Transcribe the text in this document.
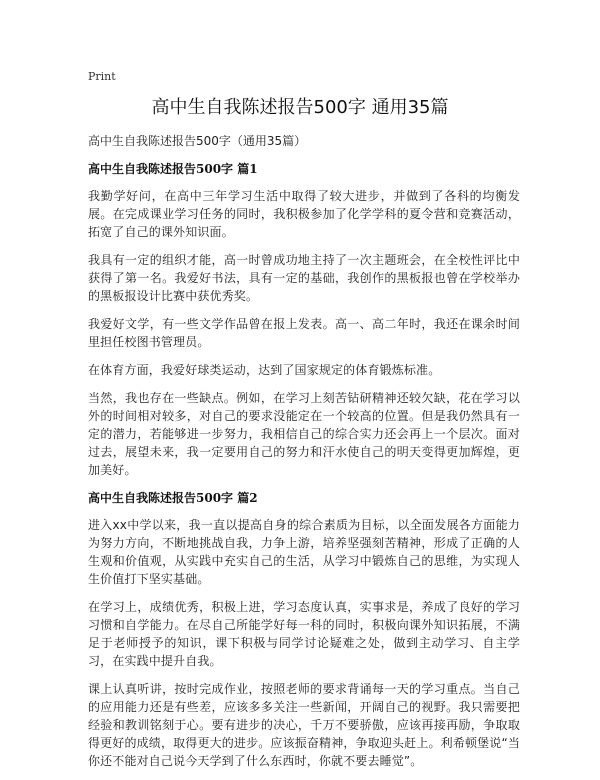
Print
高中生自我陈述报告500字 通用35篇

高中生自我陈述报告500字（通用35篇）

高中生自我陈述报告500字 篇1

我勤学好问，在高中三年学习生活中取得了较大进步，并做到了各科的均衡发展。在完成课业学习任务的同时，我积极参加了化学学科的夏令营和竞赛活动，拓宽了自己的课外知识面。

我具有一定的组织才能，高一时曾成功地主持了一次主题班会，在全校性评比中获得了第一名。我爱好书法，具有一定的基础，我创作的黑板报也曾在学校举办的黑板报设计比赛中获优秀奖。

我爱好文学，有一些文学作品曾在报上发表。高一、高二年时，我还在课余时间里担任校图书管理员。

在体育方面，我爱好球类运动，达到了国家规定的体育锻炼标准。

当然，我也存在一些缺点。例如，在学习上刻苦钻研精神还较欠缺，花在学习以外的时间相对较多，对自己的要求没能定在一个较高的位置。但是我仍然具有一定的潜力，若能够进一步努力，我相信自己的综合实力还会再上一个层次。面对过去，展望未来，我一定要用自己的努力和汗水使自己的明天变得更加辉煌，更加美好。

高中生自我陈述报告500字 篇2

进入xx中学以来，我一直以提高自身的综合素质为目标，以全面发展各方面能力为努力方向，不断地挑战自我，力争上游，培养坚强刻苦精神，形成了正确的人生观和价值观，从实践中充实自己的生活，从学习中锻炼自己的思维，为实现人生价值打下坚实基础。

在学习上，成绩优秀，积极上进，学习态度认真，实事求是，养成了良好的学习习惯和自学能力。在尽自己所能学好每一科的同时，积极向课外知识拓展，不满足于老师授予的知识，课下积极与同学讨论疑难之处，做到主动学习、自主学习，在实践中提升自我。

课上认真听讲，按时完成作业，按照老师的要求背诵每一天的学习重点。当自己的应用能力还是有些差，应该多多关注一些新闻，开阔自己的视野。我只需要把经验和教训铭刻于心。要有进步的决心，千万不要骄傲，应该再接再励，争取取得更好的成绩，取得更大的进步。应该振奋精神，争取迎头赶上。利希顿堡说“当你还不能对自己说今天学到了什么东西时，你就不要去睡觉”。
